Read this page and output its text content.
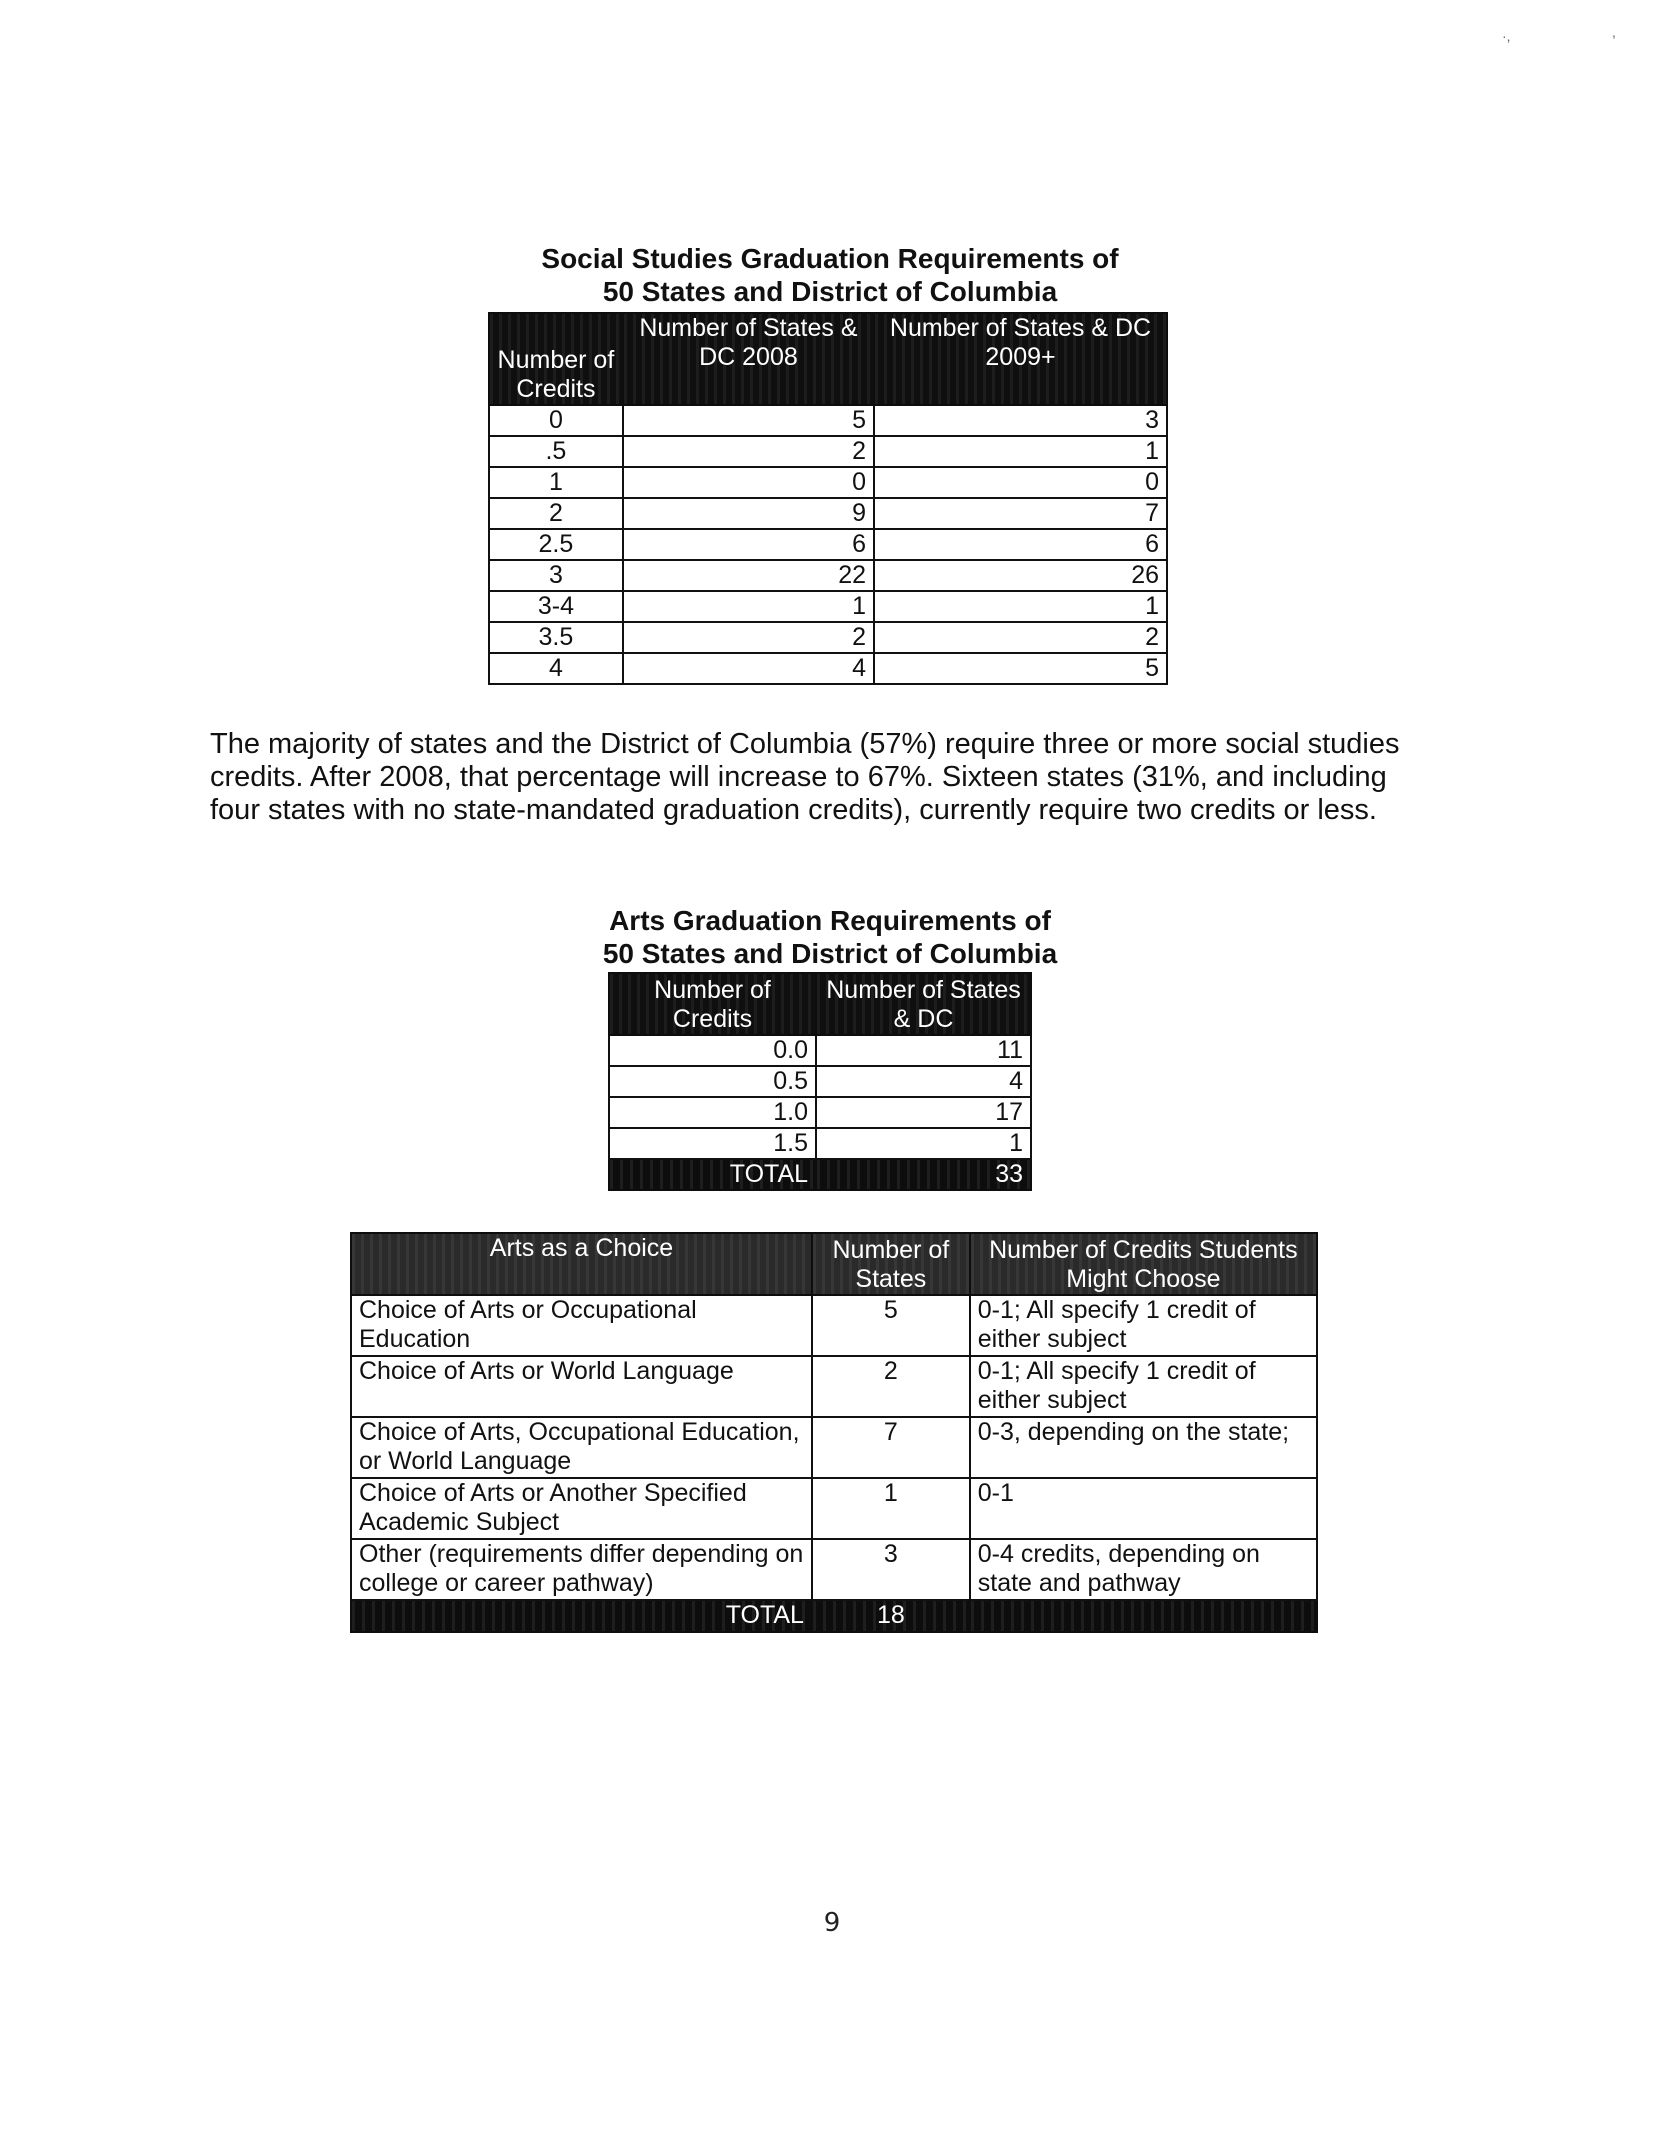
·,	,
Social Studies Graduation Requirements of
50 States and District of Columbia
Number of Credits	Number of States & DC 2008	Number of States & DC 2009+
0	5	3
.5	2	1
1	0	0
2	9	7
2.5	6	6
3	22	26
3-4	1	1
3.5	2	2
4	4	5
The majority of states and the District of Columbia (57%) require three or more social studies credits. After 2008, that percentage will increase to 67%. Sixteen states (31%, and including four states with no state-mandated graduation credits), currently require two credits or less.
Arts Graduation Requirements of
50 States and District of Columbia
Number of Credits	Number of States & DC
0.0	11
0.5	4
1.0	17
1.5	1
TOTAL	33
Arts as a Choice	Number of States	Number of Credits Students Might Choose
Choice of Arts or Occupational Education	5	0-1; All specify 1 credit of either subject
Choice of Arts or World Language	2	0-1; All specify 1 credit of either subject
Choice of Arts, Occupational Education, or World Language	7	0-3, depending on the state;
Choice of Arts or Another Specified Academic Subject	1	0-1
Other (requirements differ depending on college or career pathway)	3	0-4 credits, depending on state and pathway
TOTAL	18	
9
